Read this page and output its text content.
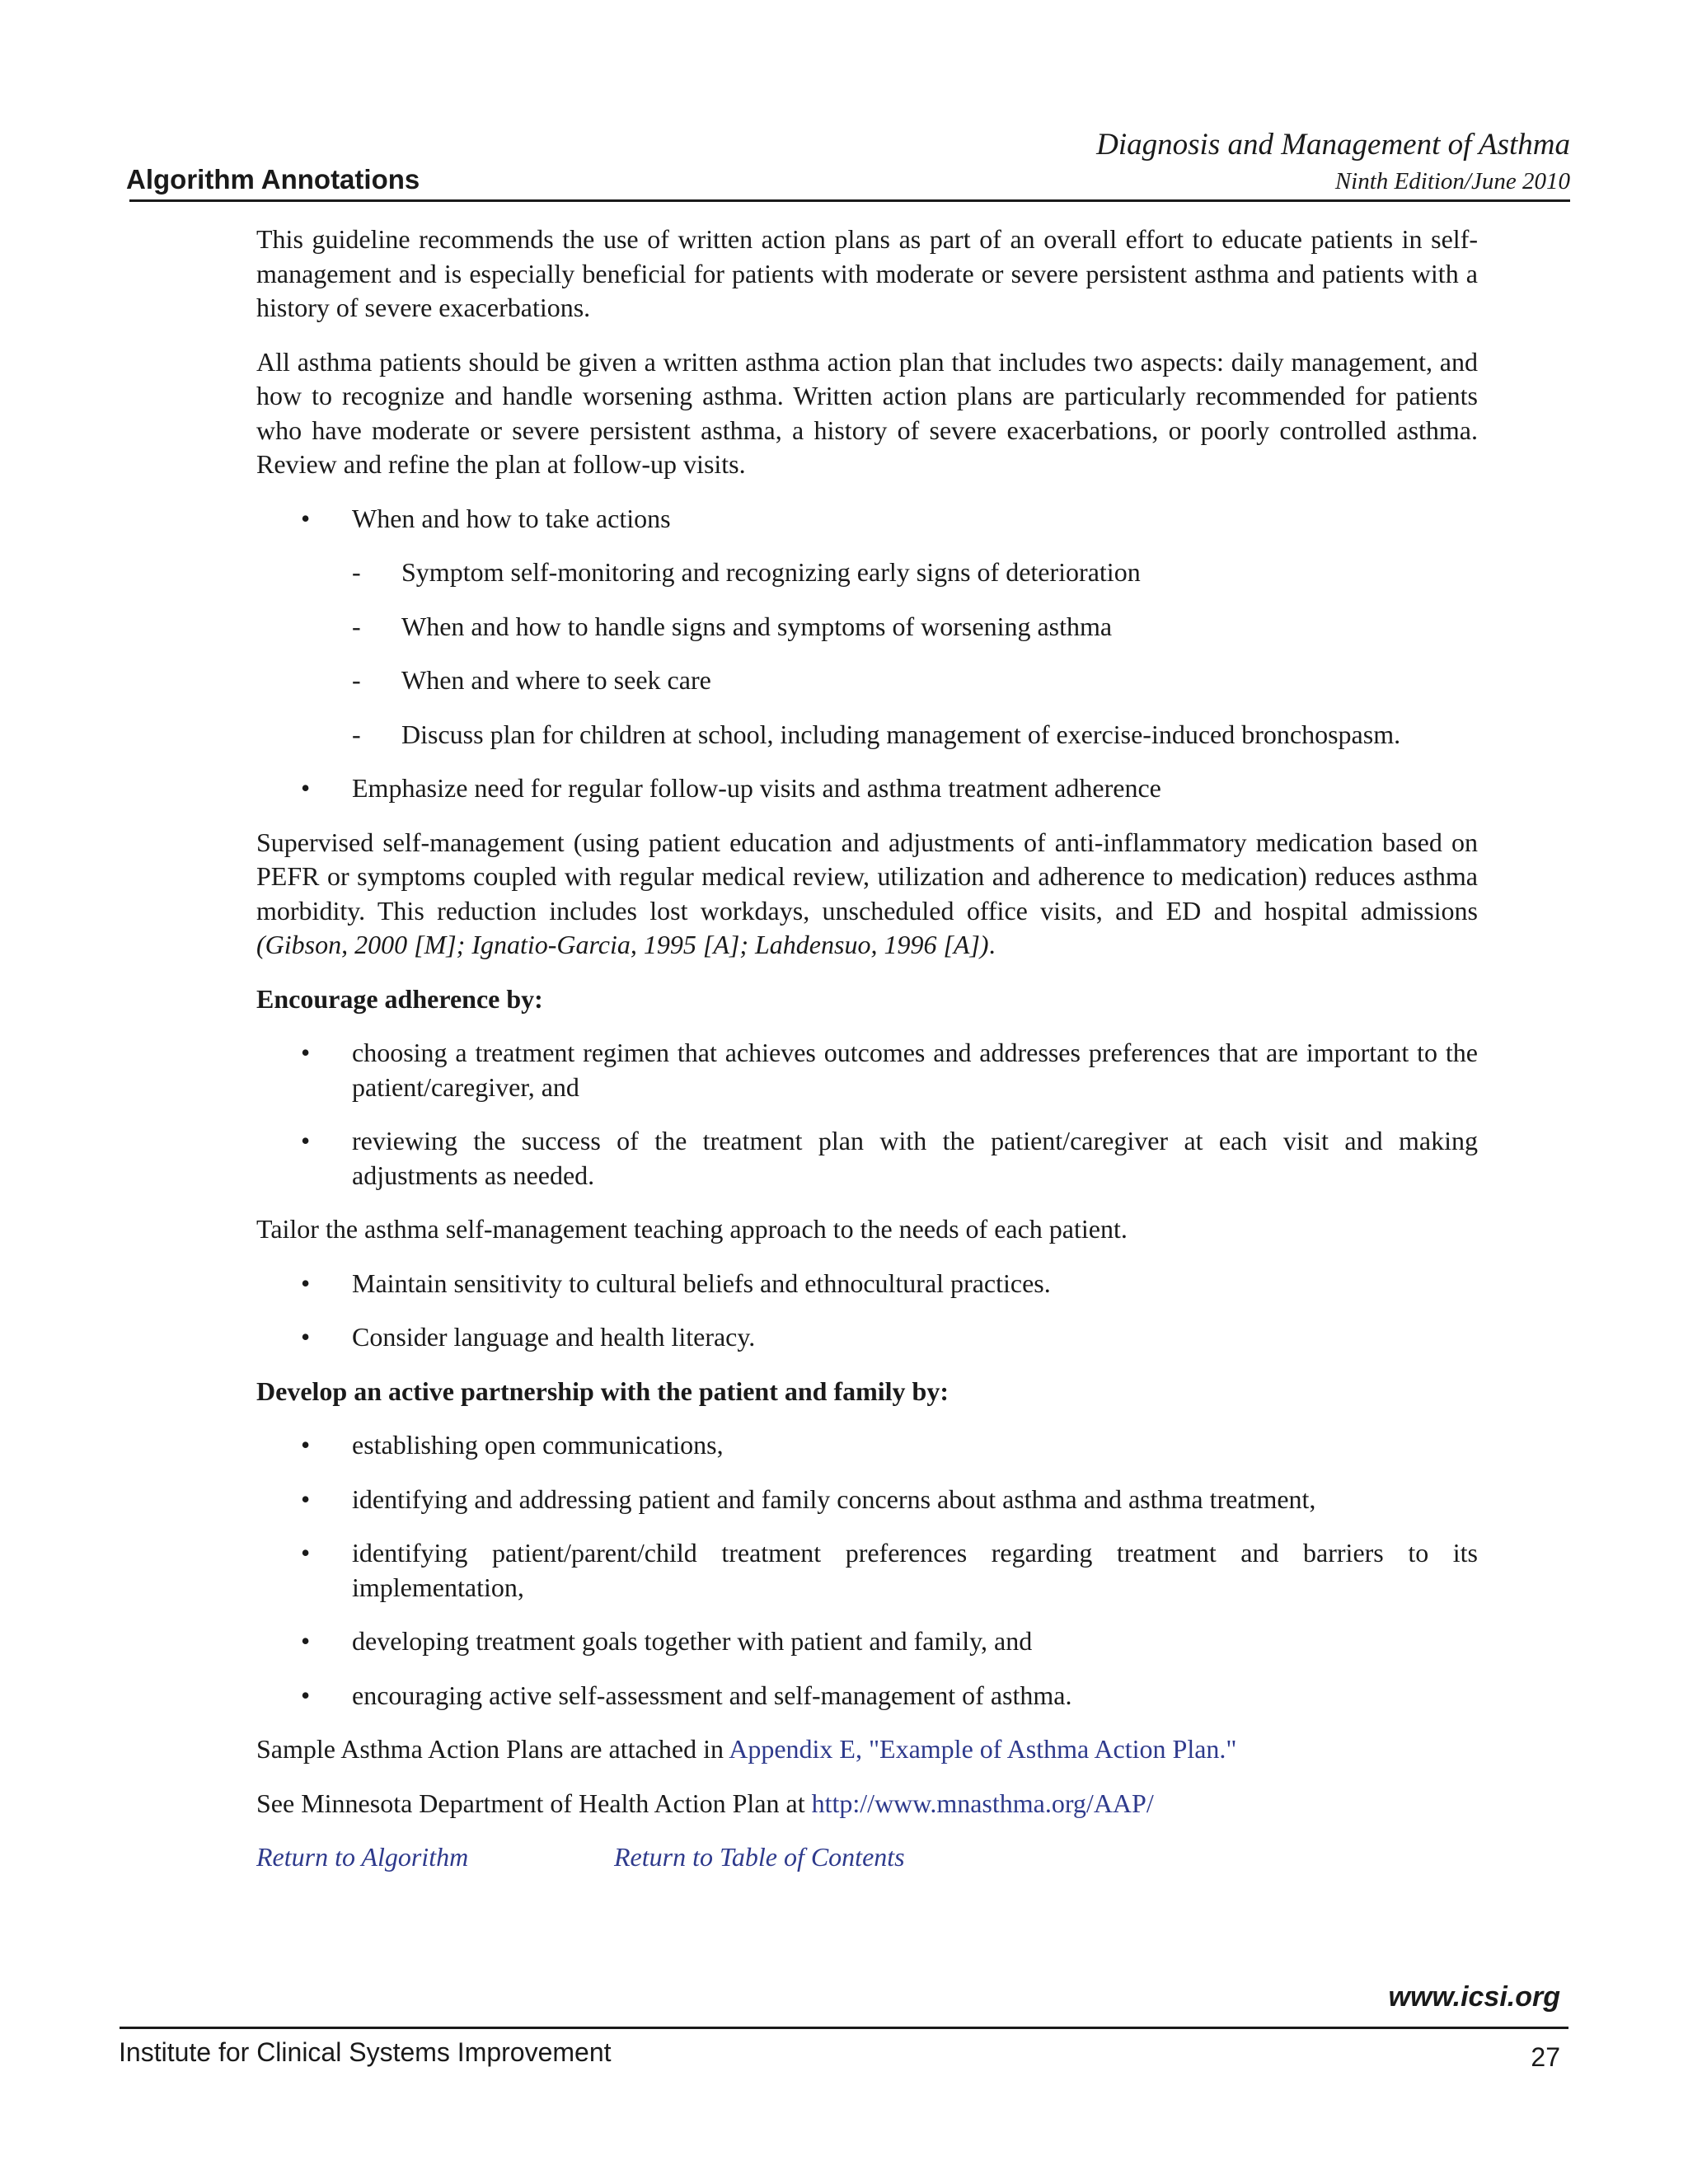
Diagnosis and Management of Asthma
Algorithm Annotations	Ninth Edition/June 2010

This guideline recommends the use of written action plans as part of an overall effort to educate patients in self-management and is especially beneficial for patients with moderate or severe persistent asthma and patients with a history of severe exacerbations.

All asthma patients should be given a written asthma action plan that includes two aspects: daily management, and how to recognize and handle worsening asthma. Written action plans are particularly recommended for patients who have moderate or severe persistent asthma, a history of severe exacerbations, or poorly controlled asthma. Review and refine the plan at follow-up visits.

• When and how to take actions
- Symptom self-monitoring and recognizing early signs of deterioration
- When and how to handle signs and symptoms of worsening asthma
- When and where to seek care
- Discuss plan for children at school, including management of exercise-induced bronchospasm.
• Emphasize need for regular follow-up visits and asthma treatment adherence

Supervised self-management (using patient education and adjustments of anti-inflammatory medication based on PEFR or symptoms coupled with regular medical review, utilization and adherence to medication) reduces asthma morbidity. This reduction includes lost workdays, unscheduled office visits, and ED and hospital admissions (Gibson, 2000 [M]; Ignatio-Garcia, 1995 [A]; Lahdensuo, 1996 [A]).

Encourage adherence by:

• choosing a treatment regimen that achieves outcomes and addresses preferences that are important to the patient/caregiver, and
• reviewing the success of the treatment plan with the patient/caregiver at each visit and making adjustments as needed.

Tailor the asthma self-management teaching approach to the needs of each patient.

• Maintain sensitivity to cultural beliefs and ethnocultural practices.
• Consider language and health literacy.

Develop an active partnership with the patient and family by:

• establishing open communications,
• identifying and addressing patient and family concerns about asthma and asthma treatment,
• identifying patient/parent/child treatment preferences regarding treatment and barriers to its implementation,
• developing treatment goals together with patient and family, and
• encouraging active self-assessment and self-management of asthma.

Sample Asthma Action Plans are attached in Appendix E, "Example of Asthma Action Plan."

See Minnesota Department of Health Action Plan at http://www.mnasthma.org/AAP/

Return to Algorithm	Return to Table of Contents
www.icsi.org
Institute for Clinical Systems Improvement	27
